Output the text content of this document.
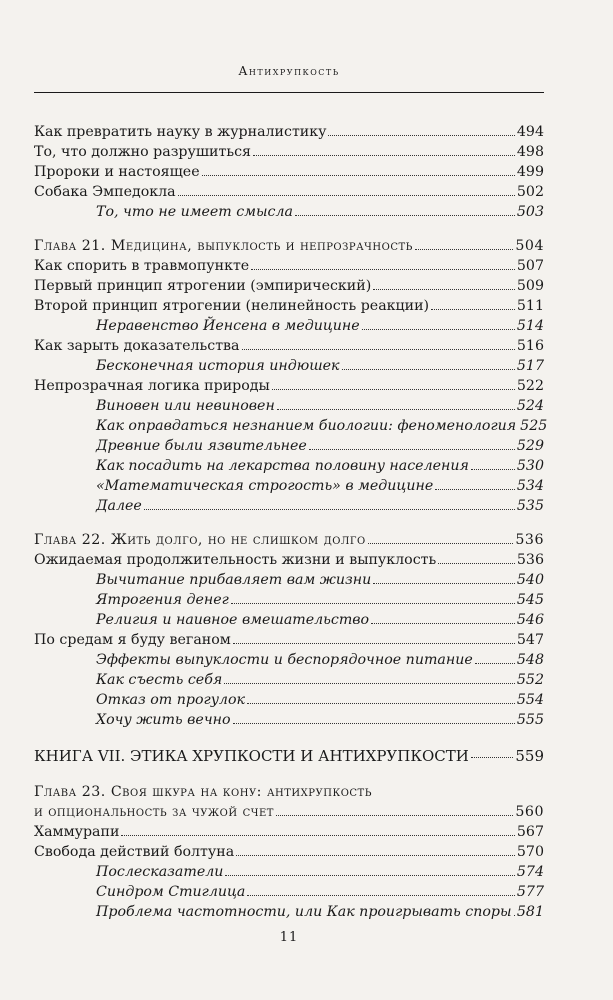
Антихрупкость
Как превратить науку в журналистику	494
То, что должно разрушиться	498
Пророки и настоящее	499
Собака Эмпедокла	502
То, что не имеет смысла	503
Глава 21. Медицина, выпуклость и непрозрачность	504
Как спорить в травмопункте	507
Первый принцип ятрогении (эмпирический)	509
Второй принцип ятрогении (нелинейность реакции)	511
Неравенство Йенсена в медицине	514
Как зарыть доказательства	516
Бесконечная история индюшек	517
Непрозрачная логика природы	522
Виновен или невиновен	524
Как оправдаться незнанием биологии: феноменология 525
Древние были язвительнее	529
Как посадить на лекарства половину населения	530
«Математическая строгость» в медицине	534
Далее	535
Глава 22. Жить долго, но не слишком долго	536
Ожидаемая продолжительность жизни и выпуклость	536
Вычитание прибавляет вам жизни	540
Ятрогения денег	545
Религия и наивное вмешательство	546
По средам я буду веганом	547
Эффекты выпуклости и беспорядочное питание	548
Как съесть себя	552
Отказ от прогулок	554
Хочу жить вечно	555
КНИГА VII. ЭТИКА ХРУПКОСТИ И АНТИХРУПКОСТИ	559
Глава 23. Своя шкура на кону: антихрупкость
и опциональность за чужой счет	560
Хаммурапи	567
Свобода действий болтуна	570
Послесказатели	574
Синдром Стиглица	577
Проблема частотности, или Как проигрывать споры 581
11
